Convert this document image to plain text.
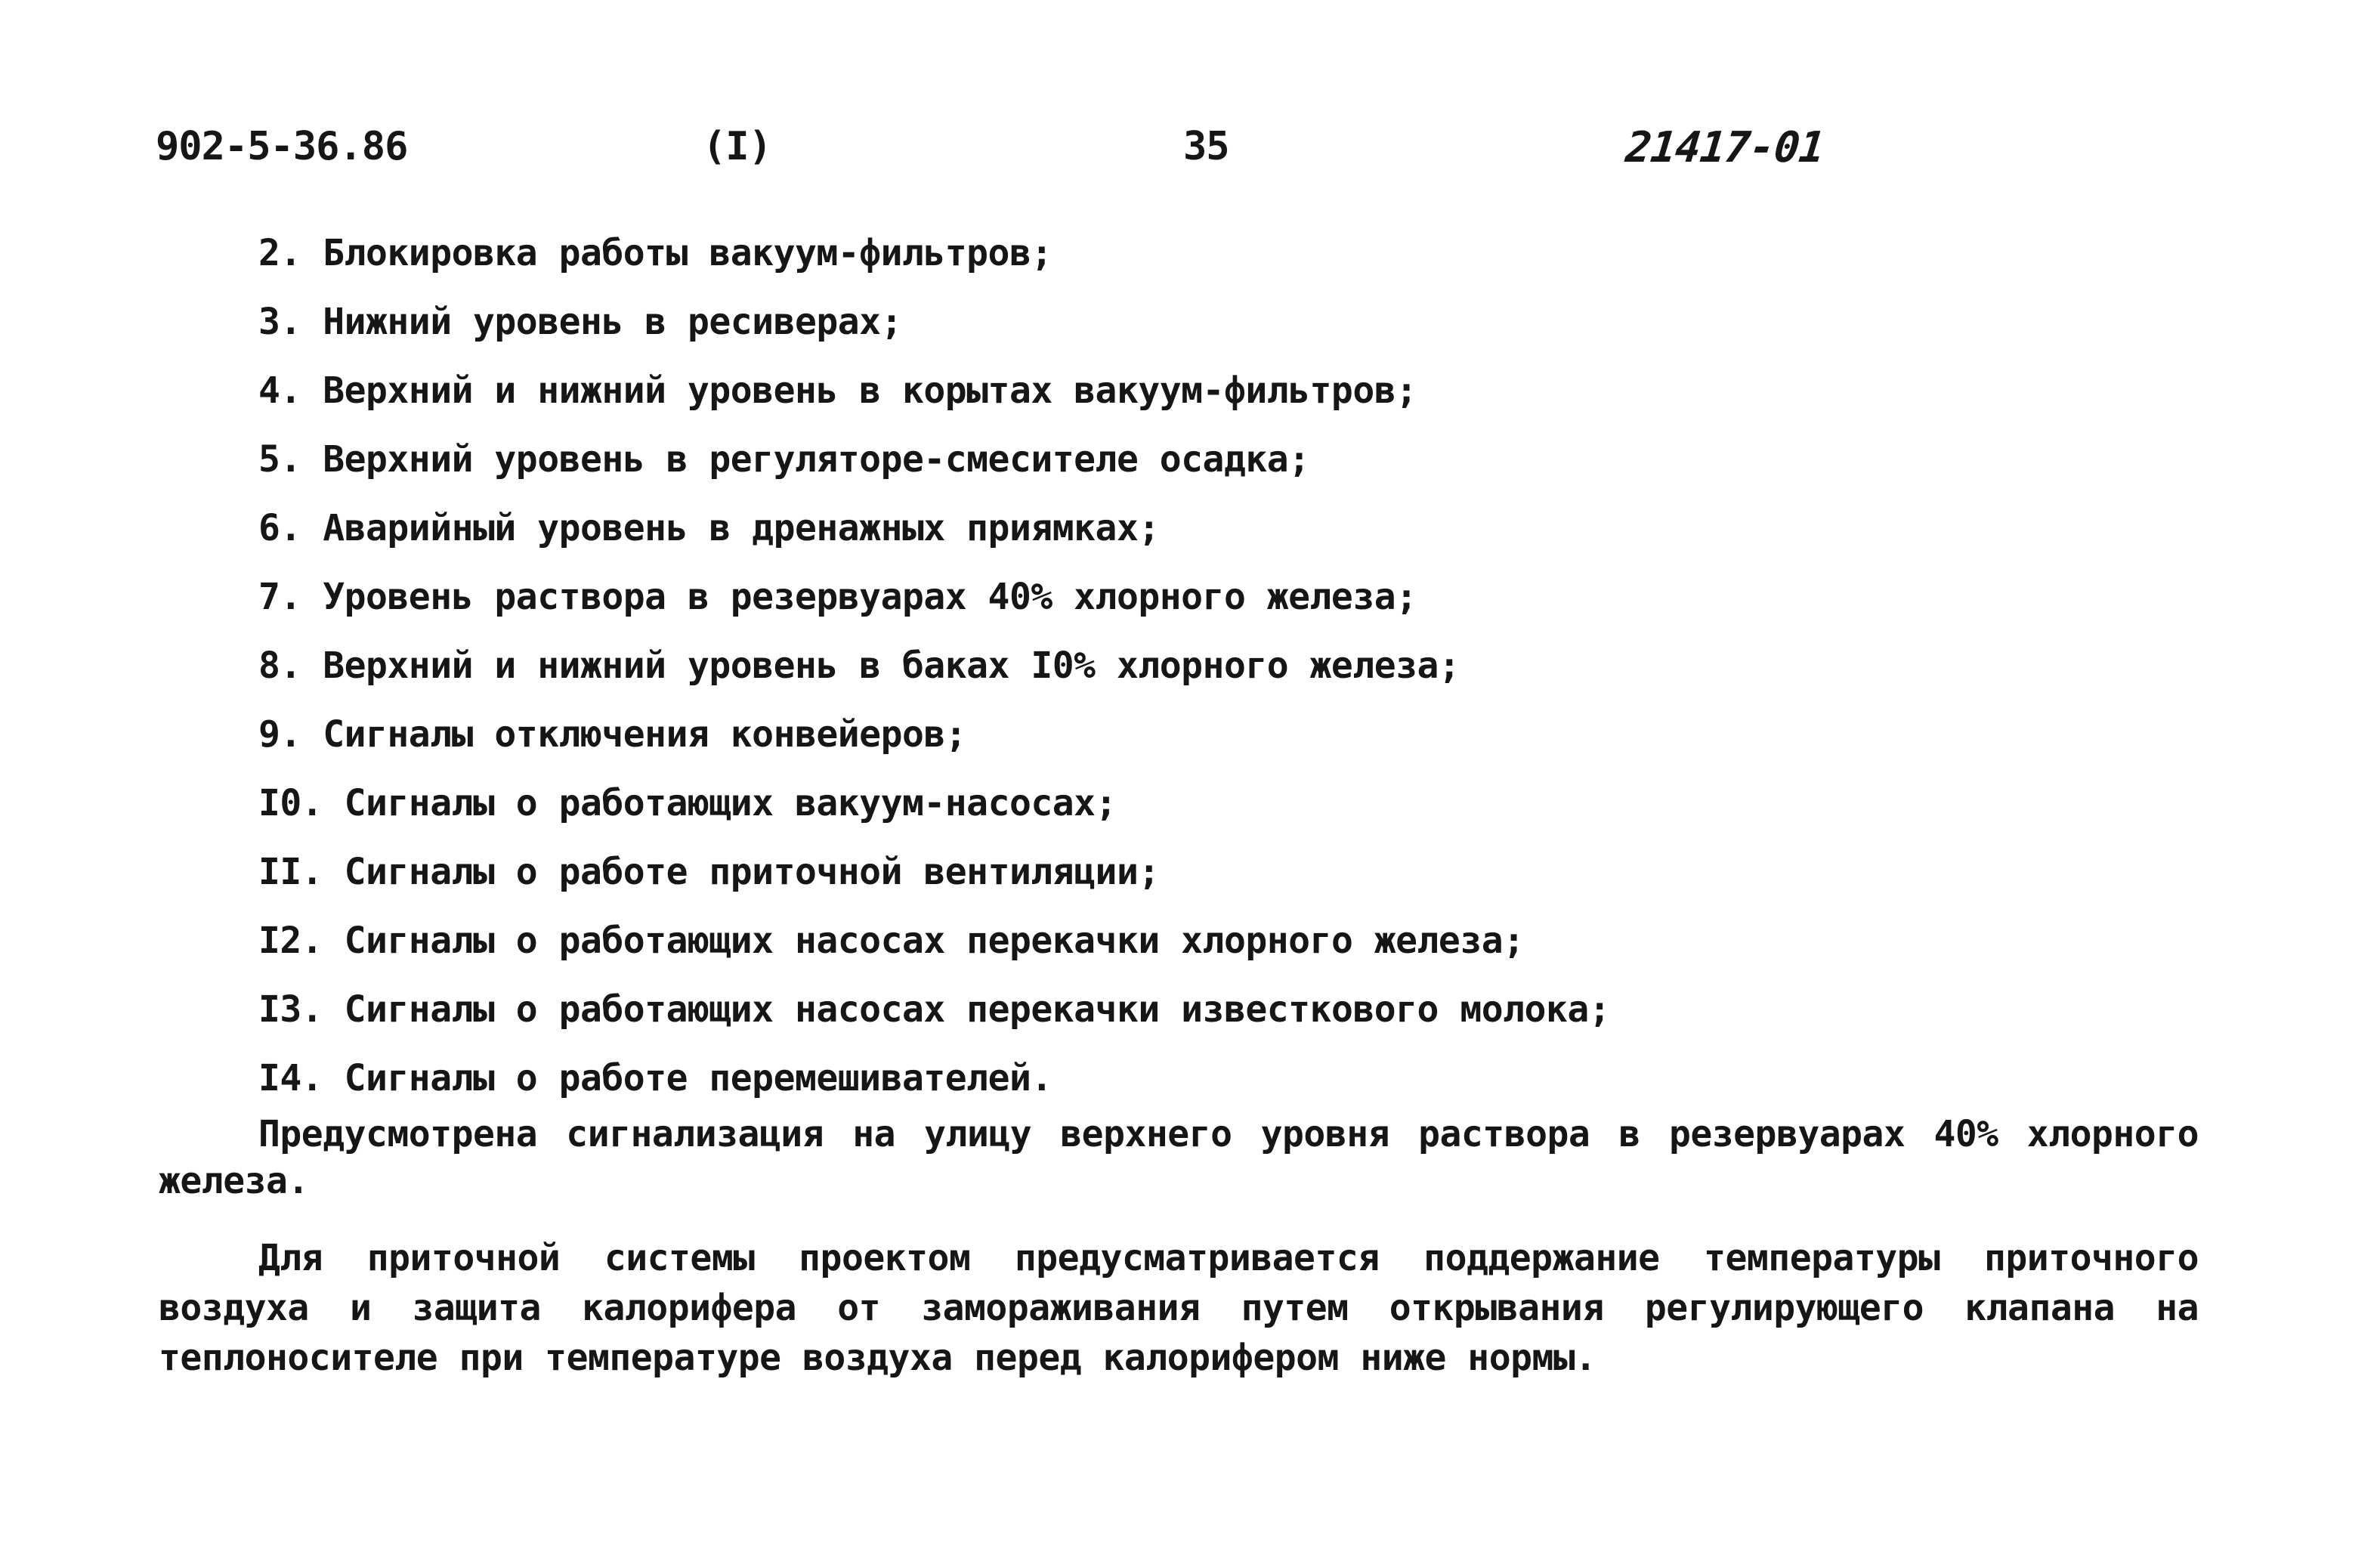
902-5-36.86	(I)	35	21417-01
2. Блокировка работы вакуум-фильтров;
3. Нижний уровень в ресиверах;
4. Верхний и нижний уровень в корытах вакуум-фильтров;
5. Верхний уровень в регуляторе-смесителе осадка;
6. Аварийный уровень в дренажных приямках;
7. Уровень раствора в резервуарах 40% хлорного железа;
8. Верхний и нижний уровень в баках I0% хлорного железа;
9. Сигналы отключения конвейеров;
I0. Сигналы о работающих вакуум-насосах;
II. Сигналы о работе приточной вентиляции;
I2. Сигналы о работающих насосах перекачки хлорного железа;
I3. Сигналы о работающих насосах перекачки известкового молока;
I4. Сигналы о работе перемешивателей.

Предусмотрена сигнализация на улицу верхнего уровня раствора в резервуарах 40% хлорного железа.

Для приточной системы проектом предусматривается поддержание температуры приточного воздуха и защита калорифера от замораживания путем открывания регулирующего клапана на теплоносителе при температуре воздуха перед калорифером ниже нормы.
